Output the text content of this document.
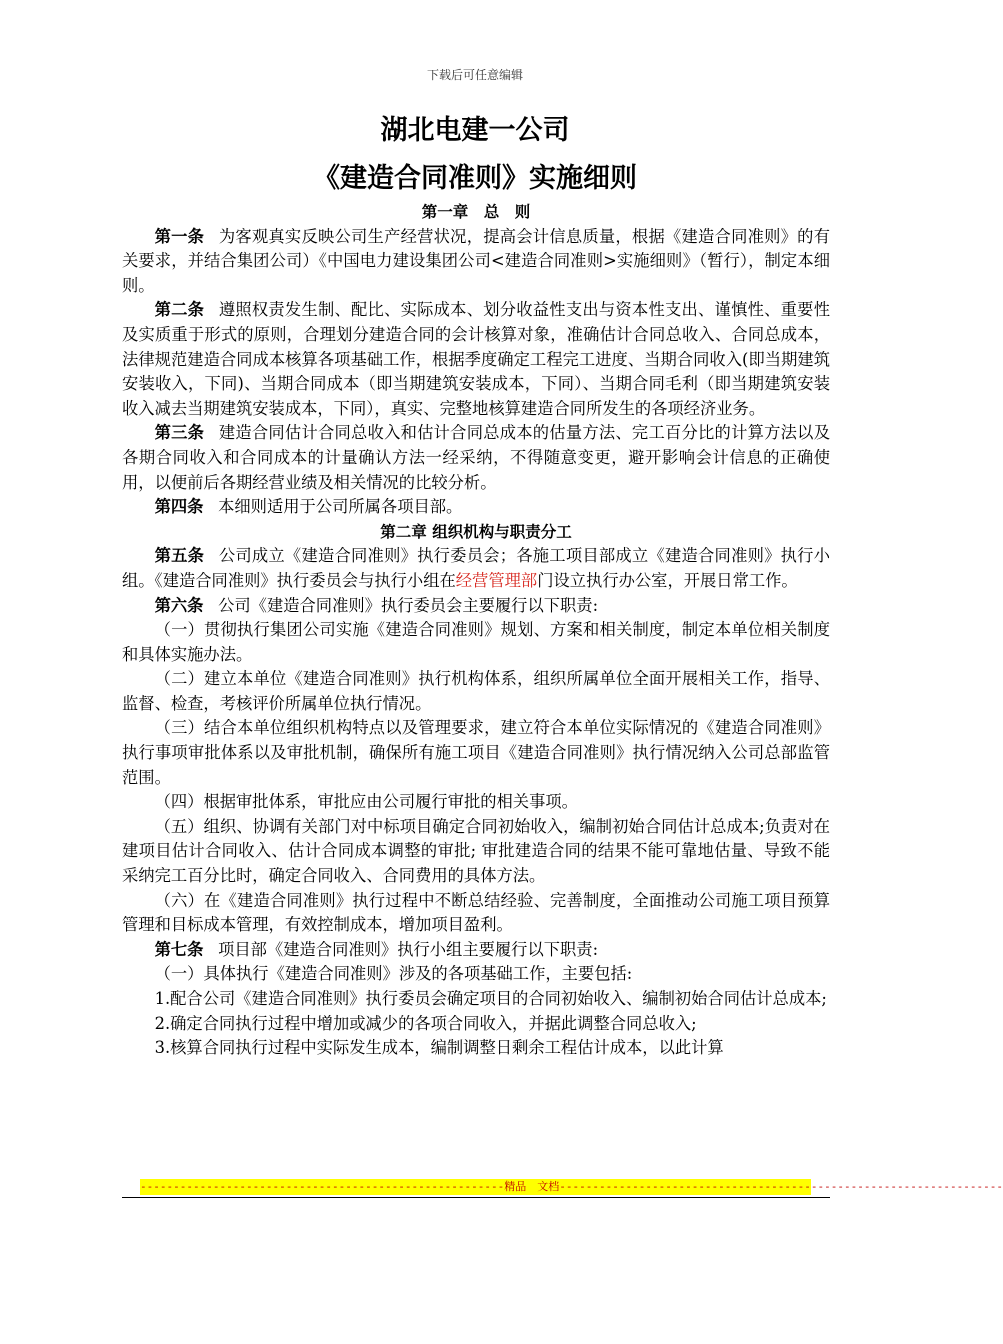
下载后可任意编辑
湖北电建一公司
《建造合同准则》实施细则
第一章　总　则

第一条 为客观真实反映公司生产经营状况，提高会计信息质量，根据《建造合同准则》的有关要求，并结合集团公司）《中国电力建设集团公司<建造合同准则>实施细则》（暂行），制定本细则。

第二条 遵照权责发生制、配比、实际成本、划分收益性支出与资本性支出、谨慎性、重要性及实质重于形式的原则，合理划分建造合同的会计核算对象，准确估计合同总收入、合同总成本，法律规范建造合同成本核算各项基础工作，根据季度确定工程完工进度、当期合同收入(即当期建筑安装收入，下同)、当期合同成本（即当期建筑安装成本，下同）、当期合同毛利（即当期建筑安装收入减去当期建筑安装成本，下同），真实、完整地核算建造合同所发生的各项经济业务。

第三条 建造合同估计合同总收入和估计合同总成本的估量方法、完工百分比的计算方法以及各期合同收入和合同成本的计量确认方法一经采纳，不得随意变更，避开影响会计信息的正确使用，以便前后各期经营业绩及相关情况的比较分析。

第四条 本细则适用于公司所属各项目部。

第二章 组织机构与职责分工

第五条 公司成立《建造合同准则》执行委员会；各施工项目部成立《建造合同准则》执行小组。《建造合同准则》执行委员会与执行小组在经营管理部门设立执行办公室，开展日常工作。

第六条 公司《建造合同准则》执行委员会主要履行以下职责:

（一）贯彻执行集团公司实施《建造合同准则》规划、方案和相关制度，制定本单位相关制度和具体实施办法。

（二）建立本单位《建造合同准则》执行机构体系，组织所属单位全面开展相关工作，指导、监督、检查，考核评价所属单位执行情况。

（三）结合本单位组织机构特点以及管理要求，建立符合本单位实际情况的《建造合同准则》执行事项审批体系以及审批机制，确保所有施工项目《建造合同准则》执行情况纳入公司总部监管范围。

（四）根据审批体系，审批应由公司履行审批的相关事项。

（五）组织、协调有关部门对中标项目确定合同初始收入，编制初始合同估计总成本;负责对在建项目估计合同收入、估计合同成本调整的审批; 审批建造合同的结果不能可靠地估量、导致不能采纳完工百分比时，确定合同收入、合同费用的具体方法。

（六）在《建造合同准则》执行过程中不断总结经验、完善制度，全面推动公司施工项目预算管理和目标成本管理，有效控制成本，增加项目盈利。

第七条 项目部《建造合同准则》执行小组主要履行以下职责:

（一）具体执行《建造合同准则》涉及的各项基础工作，主要包括:

1.配合公司《建造合同准则》执行委员会确定项目的合同初始收入、编制初始合同估计总成本;

2.确定合同执行过程中增加或减少的各项合同收入，并据此调整合同总收入;

3.核算合同执行过程中实际发生成本，编制调整日剩余工程估计成本，以此计算

-------------------------------------------------------精品　文档-------------------------------------------------------------------
